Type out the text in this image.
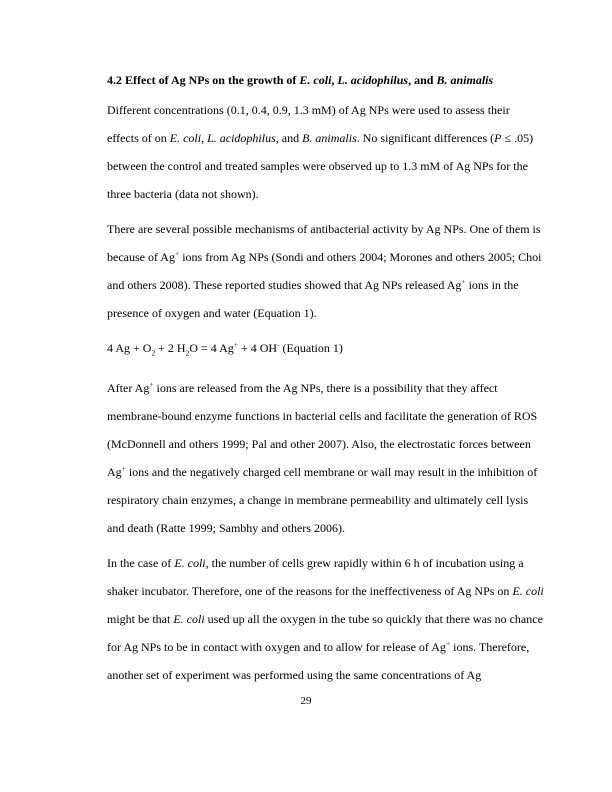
4.2 Effect of Ag NPs on the growth of E. coli, L. acidophilus, and B. animalis

Different concentrations (0.1, 0.4, 0.9, 1.3 mM) of Ag NPs were used to assess their effects of on E. coli, L. acidophilus, and B. animalis. No significant differences (P ≤ .05) between the control and treated samples were observed up to 1.3 mM of Ag NPs for the three bacteria (data not shown).

There are several possible mechanisms of antibacterial activity by Ag NPs. One of them is because of Ag+ ions from Ag NPs (Sondi and others 2004; Morones and others 2005; Choi and others 2008). These reported studies showed that Ag NPs released Ag+ ions in the presence of oxygen and water (Equation 1).

4 $Ag + O_2 + 2$ $H_2O = 4$ Ag+ + 4 OH- (Equation 1)

After Ag+ ions are released from the Ag NPs, there is a possibility that they affect membrane-bound enzyme functions in bacterial cells and facilitate the generation of ROS (McDonnell and others 1999; Pal and other 2007). Also, the electrostatic forces between Ag+ ions and the negatively charged cell membrane or wall may result in the inhibition of respiratory chain enzymes, a change in membrane permeability and ultimately cell lysis and death (Ratte 1999; Sambhy and others 2006).

In the case of E. coli, the number of cells grew rapidly within 6 h of incubation using a shaker incubator. Therefore, one of the reasons for the ineffectiveness of Ag NPs on E. coli might be that E. coli used up all the oxygen in the tube so quickly that there was no chance for Ag NPs to be in contact with oxygen and to allow for release of Ag+ ions. Therefore, another set of experiment was performed using the same concentrations of Ag

29
